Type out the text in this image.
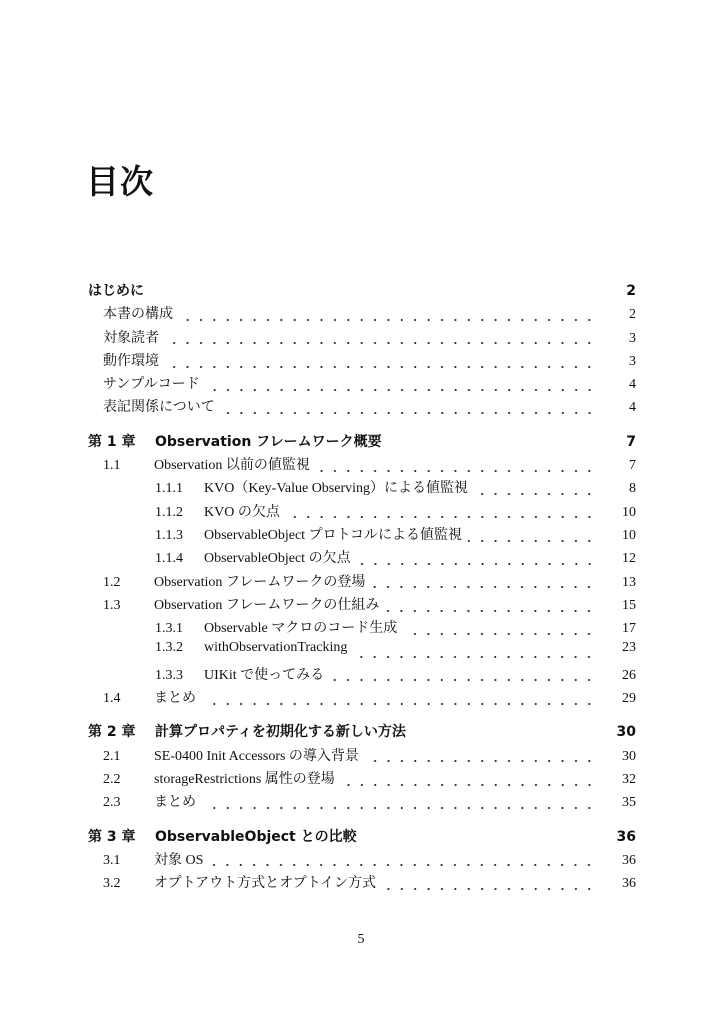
目次
はじめに	2
本書の構成	2
対象読者	3
動作環境	3
サンプルコード	4
表記関係について	4
第 1 章	Observation フレームワーク概要	7
1.1	Observation 以前の値監視	7
1.1.1	KVO（Key-Value Observing）による値監視	8
1.1.2	KVO の欠点	10
1.1.3	ObservableObject プロトコルによる値監視	10
1.1.4	ObservableObject の欠点	12
1.2	Observation フレームワークの登場	13
1.3	Observation フレームワークの仕組み	15
1.3.1	Observable マクロのコード生成	17
1.3.2	withObservationTracking	23
1.3.3	UIKit で使ってみる	26
1.4	まとめ	29
第 2 章	計算プロパティを初期化する新しい方法	30
2.1	SE-0400 Init Accessors の導入背景	30
2.2	storageRestrictions 属性の登場	32
2.3	まとめ	35
第 3 章	ObservableObject との比較	36
3.1	対象 OS	36
3.2	オプトアウト方式とオプトイン方式	36
5
